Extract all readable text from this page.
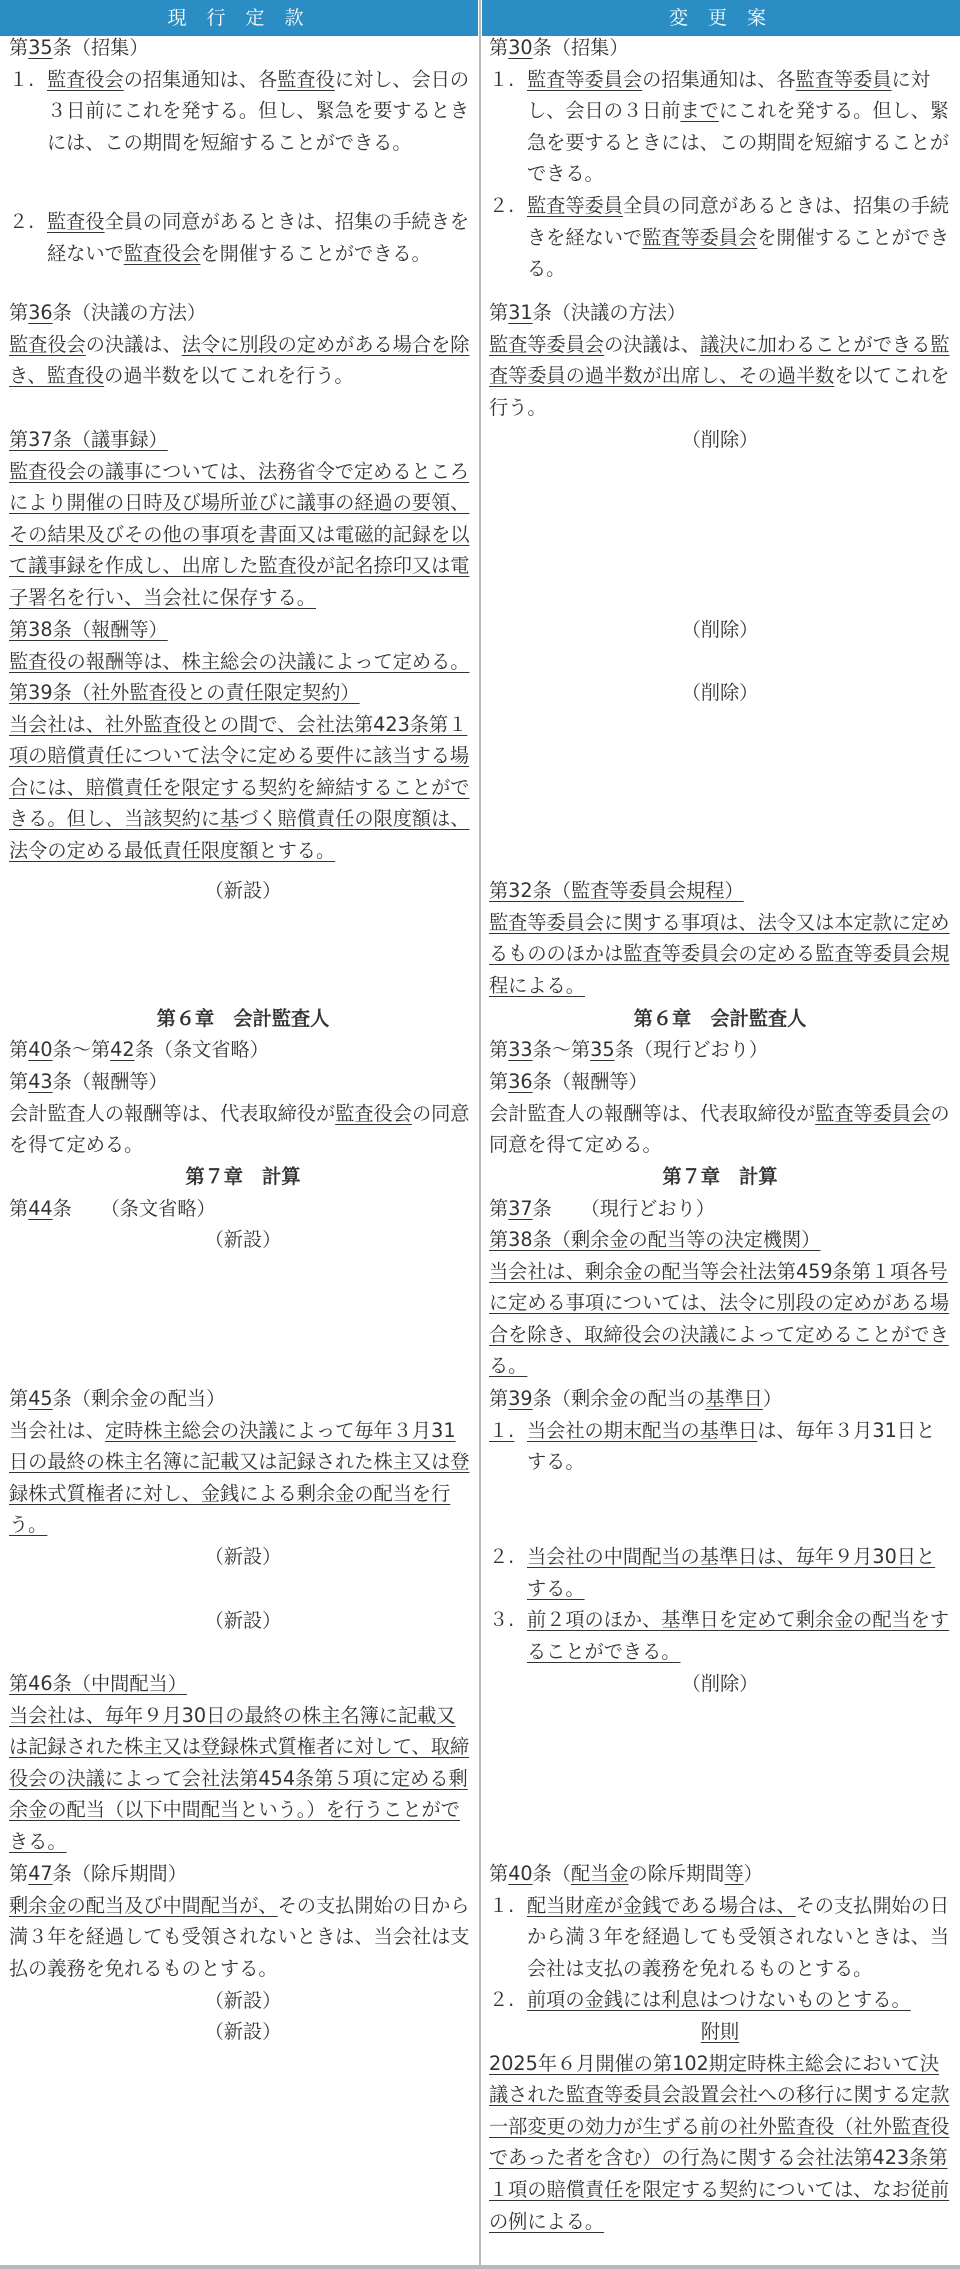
現 行 定 款	変 更 案
第35条（招集）
１. 監査役会の招集通知は、各監査役に対し、会日の
３日前にこれを発する。但し、緊急を要するとき
には、この期間を短縮することができる。
２. 監査役全員の同意があるときは、招集の手続きを
経ないで監査役会を開催することができる。
第36条（決議の方法）
監査役会の決議は、法令に別段の定めがある場合を除
き、監査役の過半数を以てこれを行う。
第37条（議事録）
監査役会の議事については、法務省令で定めるところ
により開催の日時及び場所並びに議事の経過の要領、
その結果及びその他の事項を書面又は電磁的記録を以
て議事録を作成し、出席した監査役が記名捺印又は電
子署名を行い、当会社に保存する。
第38条（報酬等）
監査役の報酬等は、株主総会の決議によって定める。
第39条（社外監査役との責任限定契約）
当会社は、社外監査役との間で、会社法第423条第１
項の賠償責任について法令に定める要件に該当する場
合には、賠償責任を限定する契約を締結することがで
きる。但し、当該契約に基づく賠償責任の限度額は、
法令の定める最低責任限度額とする。
（新設）
第６章　会計監査人
第40条〜第42条（条文省略）
第43条（報酬等）
会計監査人の報酬等は、代表取締役が監査役会の同意
を得て定める。
第７章　計算
第44条　　（条文省略）
（新設）
第45条（剰余金の配当）
当会社は、定時株主総会の決議によって毎年３月31
日の最終の株主名簿に記載又は記録された株主又は登
録株式質権者に対し、金銭による剰余金の配当を行
う。
（新設）
（新設）
第46条（中間配当）
当会社は、毎年９月30日の最終の株主名簿に記載又
は記録された株主又は登録株式質権者に対して、取締
役会の決議によって会社法第454条第５項に定める剰
余金の配当（以下中間配当という。）を行うことがで
きる。
第47条（除斥期間）
剰余金の配当及び中間配当が、その支払開始の日から
満３年を経過しても受領されないときは、当会社は支
払の義務を免れるものとする。
（新設）
（新設）
第30条（招集）
１. 監査等委員会の招集通知は、各監査等委員に対
し、会日の３日前までにこれを発する。但し、緊
急を要するときには、この期間を短縮することが
できる。
２. 監査等委員全員の同意があるときは、招集の手続
きを経ないで監査等委員会を開催することができ
る。
第31条（決議の方法）
監査等委員会の決議は、議決に加わることができる監
査等委員の過半数が出席し、その過半数を以てこれを
行う。
（削除）
（削除）
（削除）
第32条（監査等委員会規程）
監査等委員会に関する事項は、法令又は本定款に定め
るもののほかは監査等委員会の定める監査等委員会規
程による。
第６章　会計監査人
第33条〜第35条（現行どおり）
第36条（報酬等）
会計監査人の報酬等は、代表取締役が監査等委員会の
同意を得て定める。
第７章　計算
第37条　　（現行どおり）
第38条（剰余金の配当等の決定機関）
当会社は、剰余金の配当等会社法第459条第１項各号
に定める事項については、法令に別段の定めがある場
合を除き、取締役会の決議によって定めることができ
る。
第39条（剰余金の配当の基準日）
１. 当会社の期末配当の基準日は、毎年３月31日と
する。
２. 当会社の中間配当の基準日は、毎年９月30日と
する。
３. 前２項のほか、基準日を定めて剰余金の配当をす
ることができる。
（削除）
第40条（配当金の除斥期間等）
１. 配当財産が金銭である場合は、その支払開始の日
から満３年を経過しても受領されないときは、当
会社は支払の義務を免れるものとする。
２. 前項の金銭には利息はつけないものとする。
附則
2025年６月開催の第102期定時株主総会において決
議された監査等委員会設置会社への移行に関する定款
一部変更の効力が生ずる前の社外監査役（社外監査役
であった者を含む）の行為に関する会社法第423条第
１項の賠償責任を限定する契約については、なお従前
の例による。
